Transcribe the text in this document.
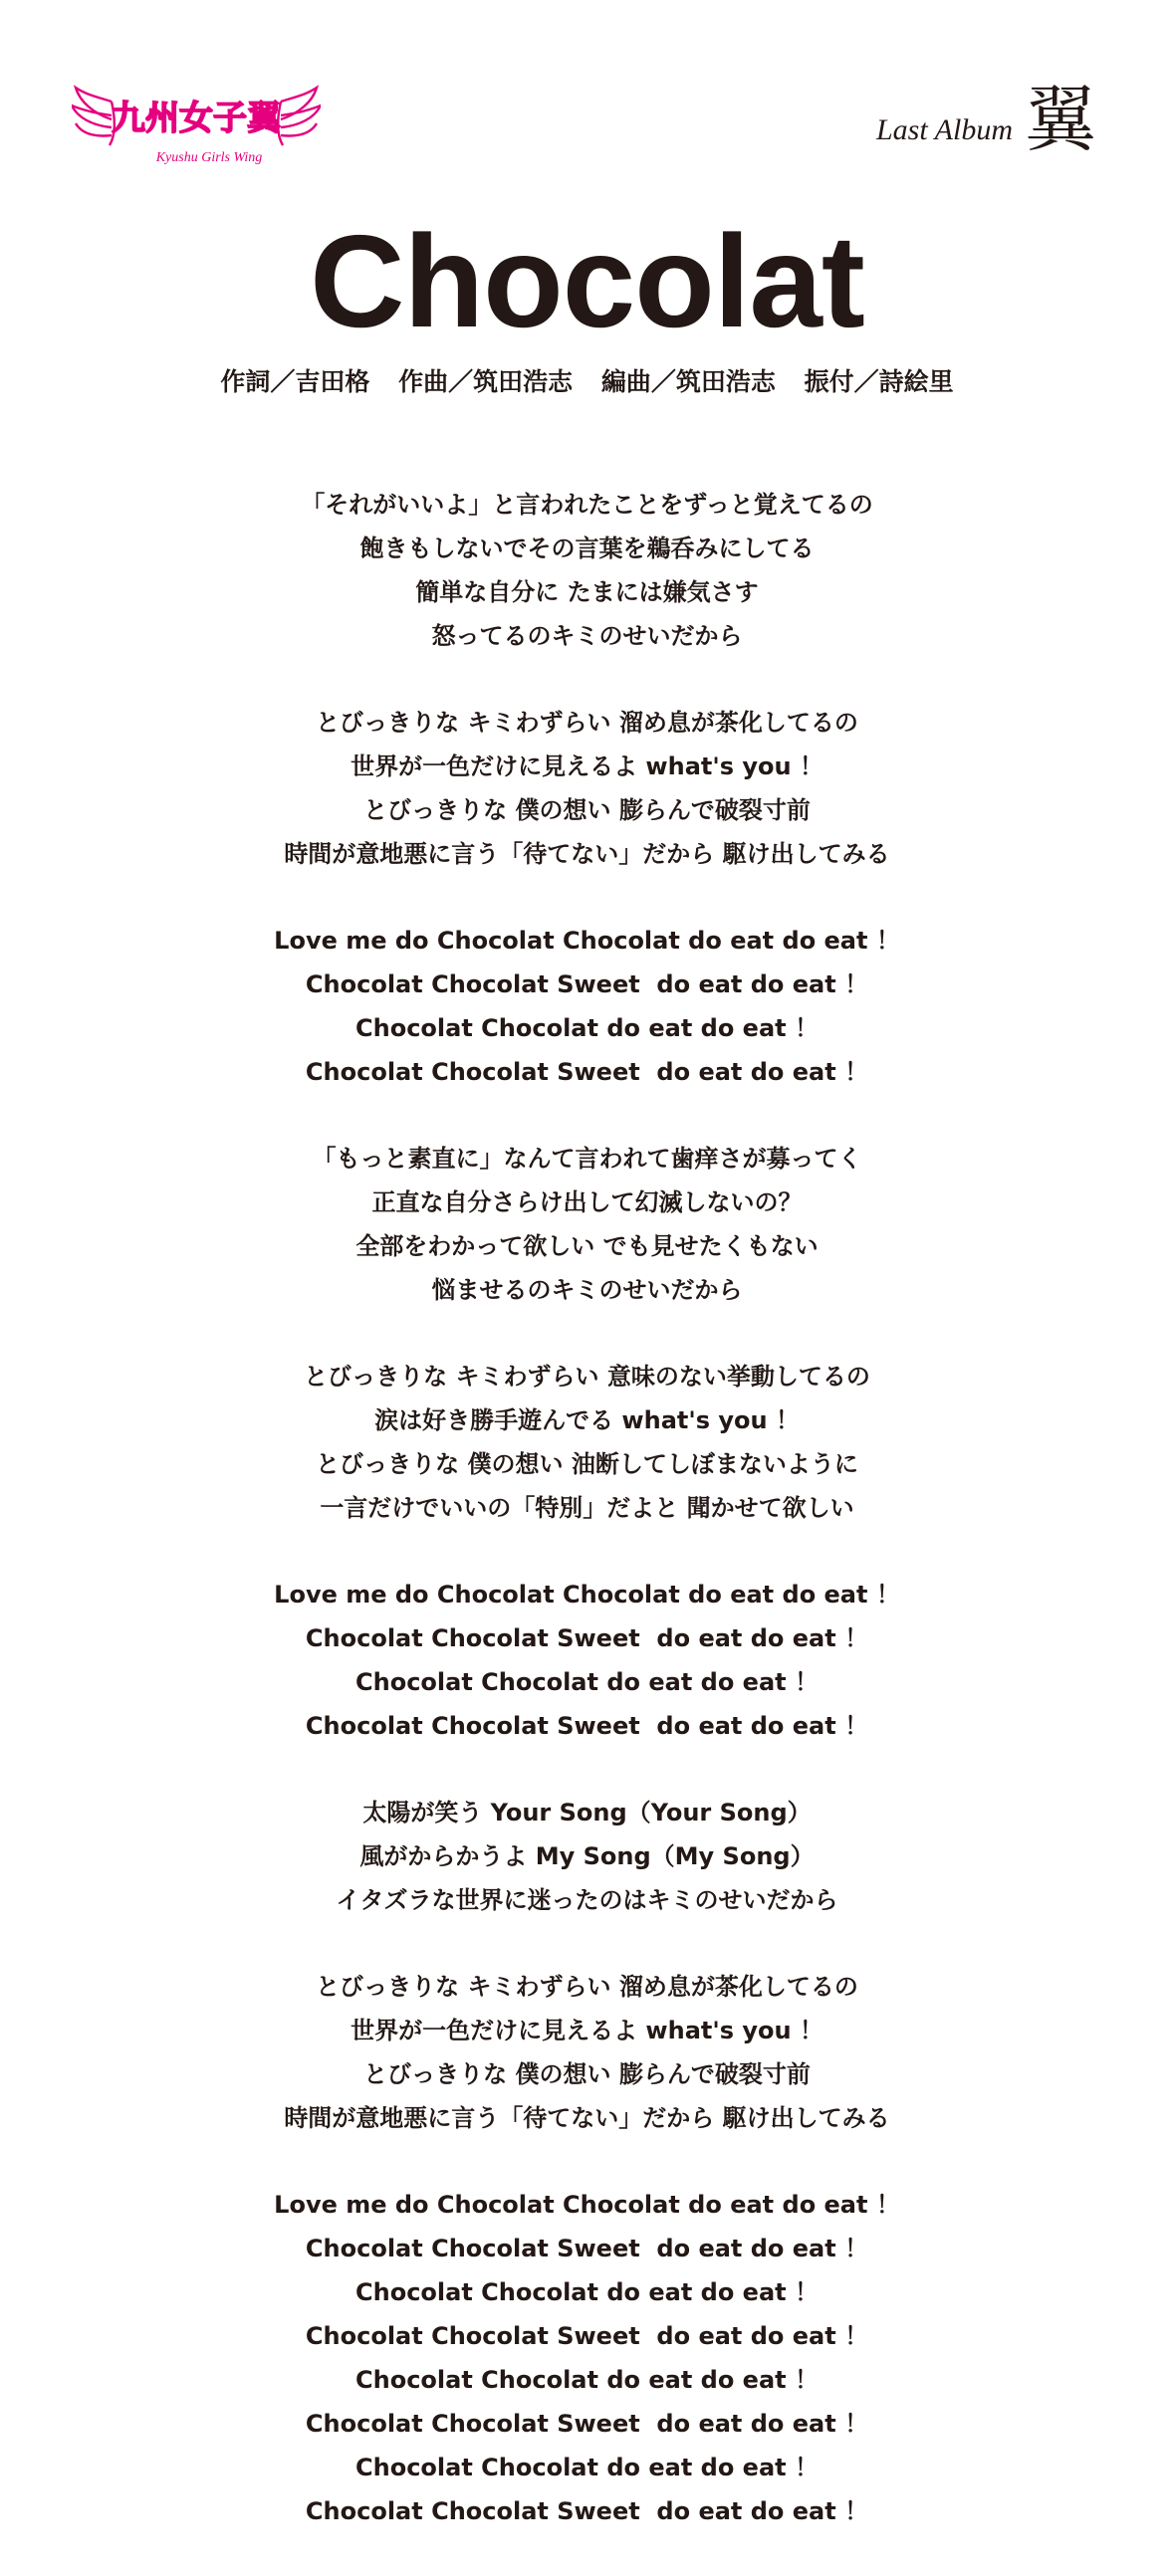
九州女子翼
Kyushu Girls Wing
Last Album 翼
Chocolat
作詞／吉田格 作曲／筑田浩志 編曲／筑田浩志 振付／詩絵里
「それがいいよ」と言われたことをずっと覚えてるの
飽きもしないでその言葉を鵜呑みにしてる
簡単な自分に たまには嫌気さす
怒ってるのキミのせいだから
とびっきりな キミわずらい 溜め息が茶化してるの
世界が一色だけに見えるよ what's you ！
とびっきりな 僕の想い 膨らんで破裂寸前
時間が意地悪に言う「待てない」だから 駆け出してみる
Love me do Chocolat Chocolat do eat do eat ！
Chocolat Chocolat Sweet  do eat do eat ！
Chocolat Chocolat do eat do eat ！
Chocolat Chocolat Sweet  do eat do eat ！
「もっと素直に」なんて言われて歯痒さが募ってく
正直な自分さらけ出して幻滅しないの？
全部をわかって欲しい でも見せたくもない
悩ませるのキミのせいだから
とびっきりな キミわずらい 意味のない挙動してるの
涙は好き勝手遊んでる what's you ！
とびっきりな 僕の想い 油断してしぼまないように
一言だけでいいの「特別」だよと 聞かせて欲しい
Love me do Chocolat Chocolat do eat do eat ！
Chocolat Chocolat Sweet  do eat do eat ！
Chocolat Chocolat do eat do eat ！
Chocolat Chocolat Sweet  do eat do eat ！
太陽が笑う Your Song（Your Song）
風がからかうよ My Song（My Song）
イタズラな世界に迷ったのはキミのせいだから
とびっきりな キミわずらい 溜め息が茶化してるの
世界が一色だけに見えるよ what's you ！
とびっきりな 僕の想い 膨らんで破裂寸前
時間が意地悪に言う「待てない」だから 駆け出してみる
Love me do Chocolat Chocolat do eat do eat ！
Chocolat Chocolat Sweet  do eat do eat ！
Chocolat Chocolat do eat do eat ！
Chocolat Chocolat Sweet  do eat do eat ！
Chocolat Chocolat do eat do eat ！
Chocolat Chocolat Sweet  do eat do eat ！
Chocolat Chocolat do eat do eat ！
Chocolat Chocolat Sweet  do eat do eat ！
